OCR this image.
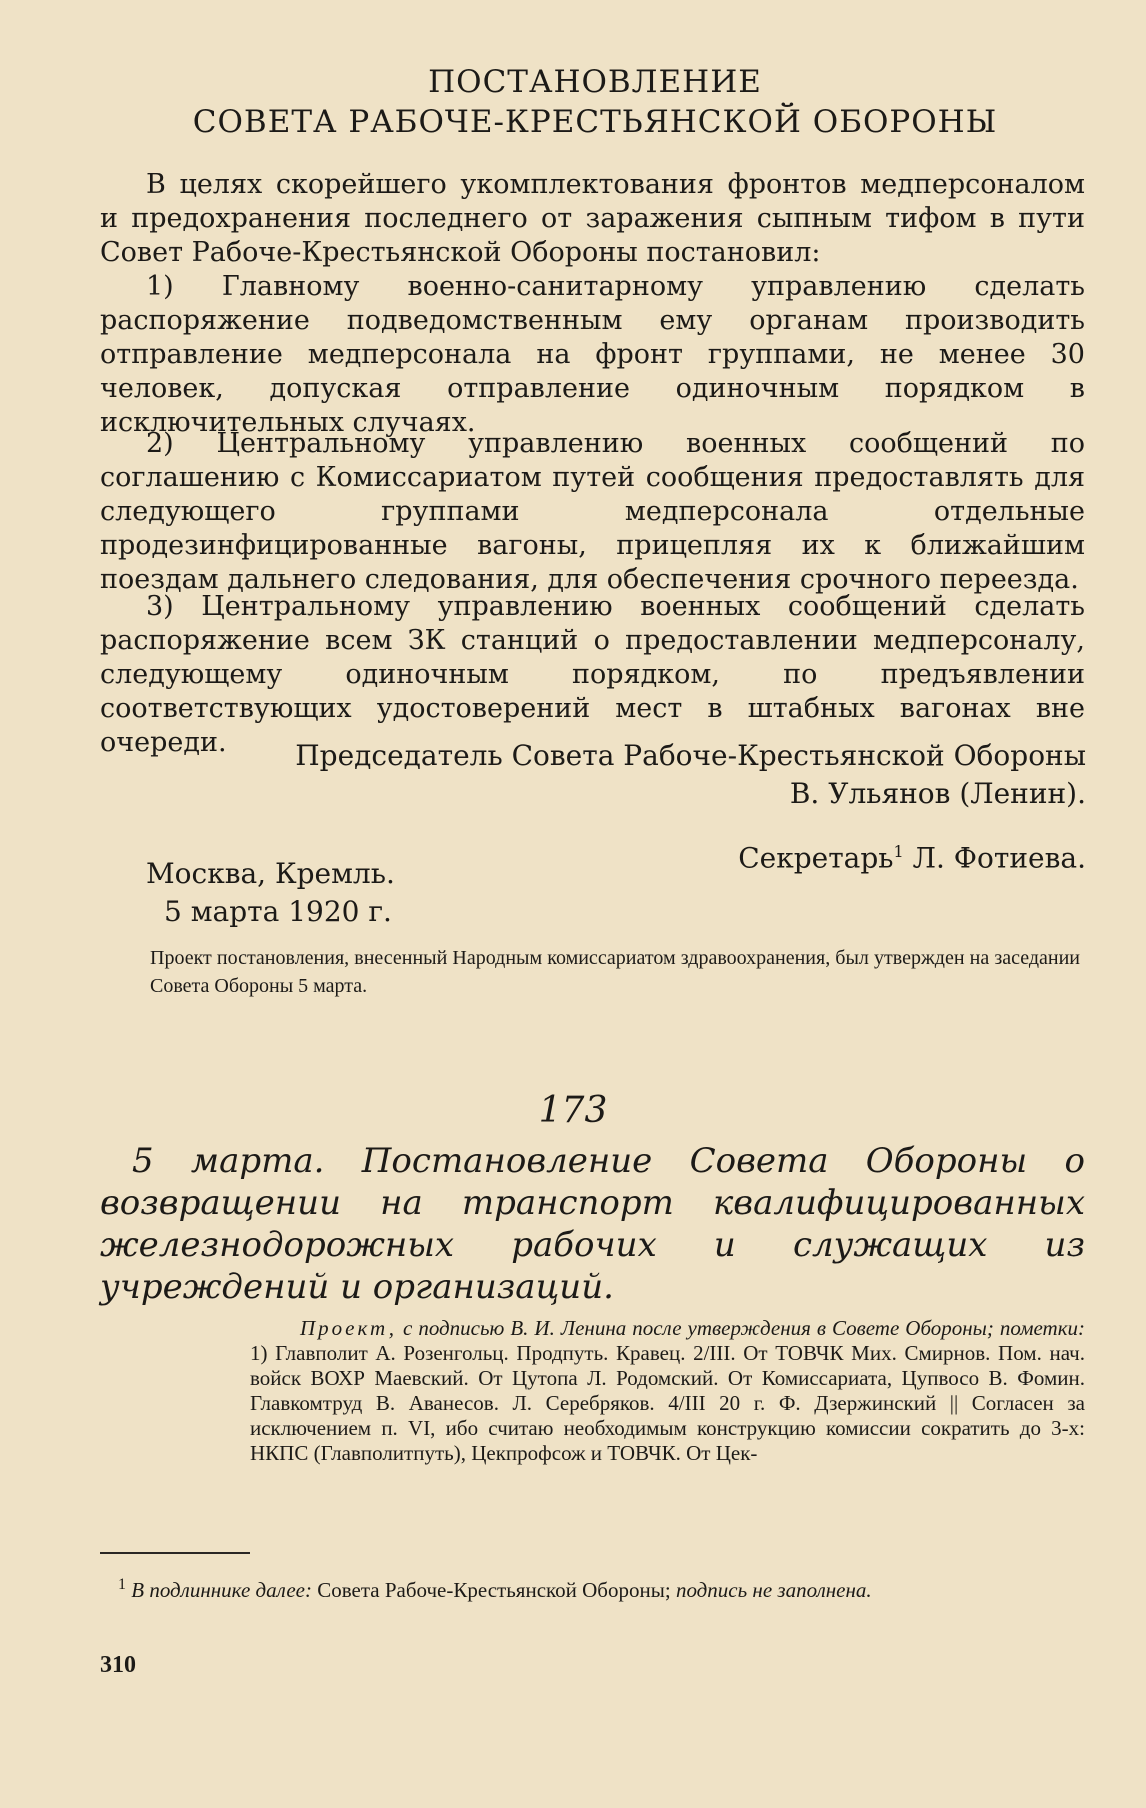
ПОСТАНОВЛЕНИЕ
СОВЕТА РАБОЧЕ-КРЕСТЬЯНСКОЙ ОБОРОНЫ
В целях скорейшего укомплектования фронтов медперсоналом и предохранения последнего от заражения сыпным тифом в пути Совет Рабоче-Крестьянской Обороны постановил:
1) Главному военно-санитарному управлению сделать распоряжение подведомственным ему органам производить отправление медперсонала на фронт группами, не менее 30 человек, допуская отправление одиночным порядком в исключительных случаях.
2) Центральному управлению военных сообщений по соглашению с Комиссариатом путей сообщения предоставлять для следующего группами медперсонала отдельные продезинфицированные вагоны, прицепляя их к ближайшим поездам дальнего следования, для обеспечения срочного переезда.
3) Центральному управлению военных сообщений сделать распоряжение всем ЗК станций о предоставлении медперсоналу, следующему одиночным порядком, по предъявлении соответствующих удостоверений мест в штабных вагонах вне очереди.	Председатель Совета Рабоче-Крестьянской Обороны
В. Ульянов (Ленин).
Секретарь$^1$ Л. Фотиева.
Москва, Кремль.
5 марта 1920 г.
Проект постановления, внесенный Народным комиссариатом здравоохранения, был утвержден на заседании Совета Обороны 5 марта.
173
5 марта. Постановление Совета Обороны о возвращении на транспорт квалифицированных железнодорожных рабочих и служащих из учреждений и организаций.
Проект, с подписью В. И. Ленина после утверждения в Совете Обороны; пометки: 1) Главполит А. Розенгольц. Продпуть. Кравец. 2/III. От ТОВЧК Мих. Смирнов. Пом. нач. войск ВОХР Маевский. От Цутопа Л. Родомский. От Комиссариата, Цупвосо В. Фомин. Главкомтруд В. Аванесов. Л. Серебряков. 4/III 20 г. Ф. Дзержинский || Согласен за исключением п. VI, ибо считаю необходимым конструкцию комиссии сократить до 3-х: НКПС (Главполитпуть), Цекпрофсож и ТОВЧК. От Цек-
$^1$ В подлиннике далее: Совета Рабоче-Крестьянской Обороны; подпись не заполнена.
310
